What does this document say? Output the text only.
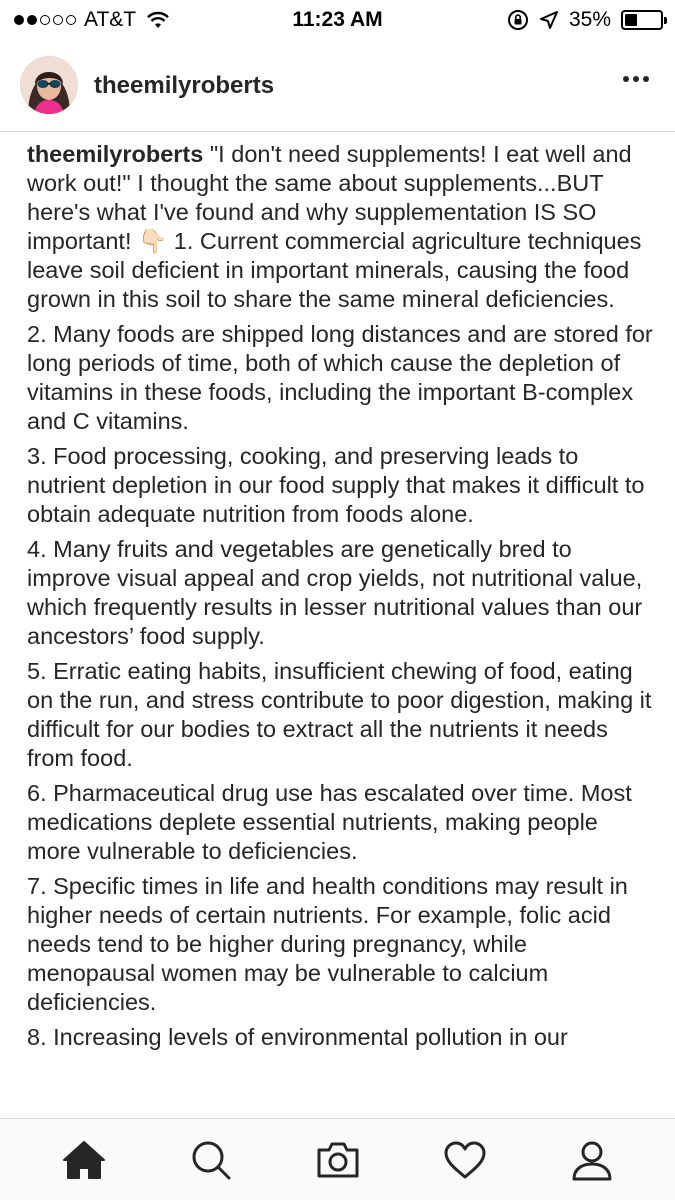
AT&T	11:23 AM	35%
theemilyroberts

theemilyroberts "I don't need supplements! I eat well and work out!" I thought the same about supplements...BUT here's what I've found and why supplementation IS SO important! 👇🏻 1. Current commercial agriculture techniques leave soil deficient in important minerals, causing the food grown in this soil to share the same mineral deficiencies.

2. Many foods are shipped long distances and are stored for long periods of time, both of which cause the depletion of vitamins in these foods, including the important B-complex and C vitamins.

3. Food processing, cooking, and preserving leads to nutrient depletion in our food supply that makes it difficult to obtain adequate nutrition from foods alone.

4. Many fruits and vegetables are genetically bred to improve visual appeal and crop yields, not nutritional value, which frequently results in lesser nutritional values than our ancestors’ food supply.

5. Erratic eating habits, insufficient chewing of food, eating on the run, and stress contribute to poor digestion, making it difficult for our bodies to extract all the nutrients it needs from food.

6. Pharmaceutical drug use has escalated over time. Most medications deplete essential nutrients, making people more vulnerable to deficiencies.

7. Specific times in life and health conditions may result in higher needs of certain nutrients. For example, folic acid needs tend to be higher during pregnancy, while menopausal women may be vulnerable to calcium deficiencies.

8. Increasing levels of environmental pollution in our
